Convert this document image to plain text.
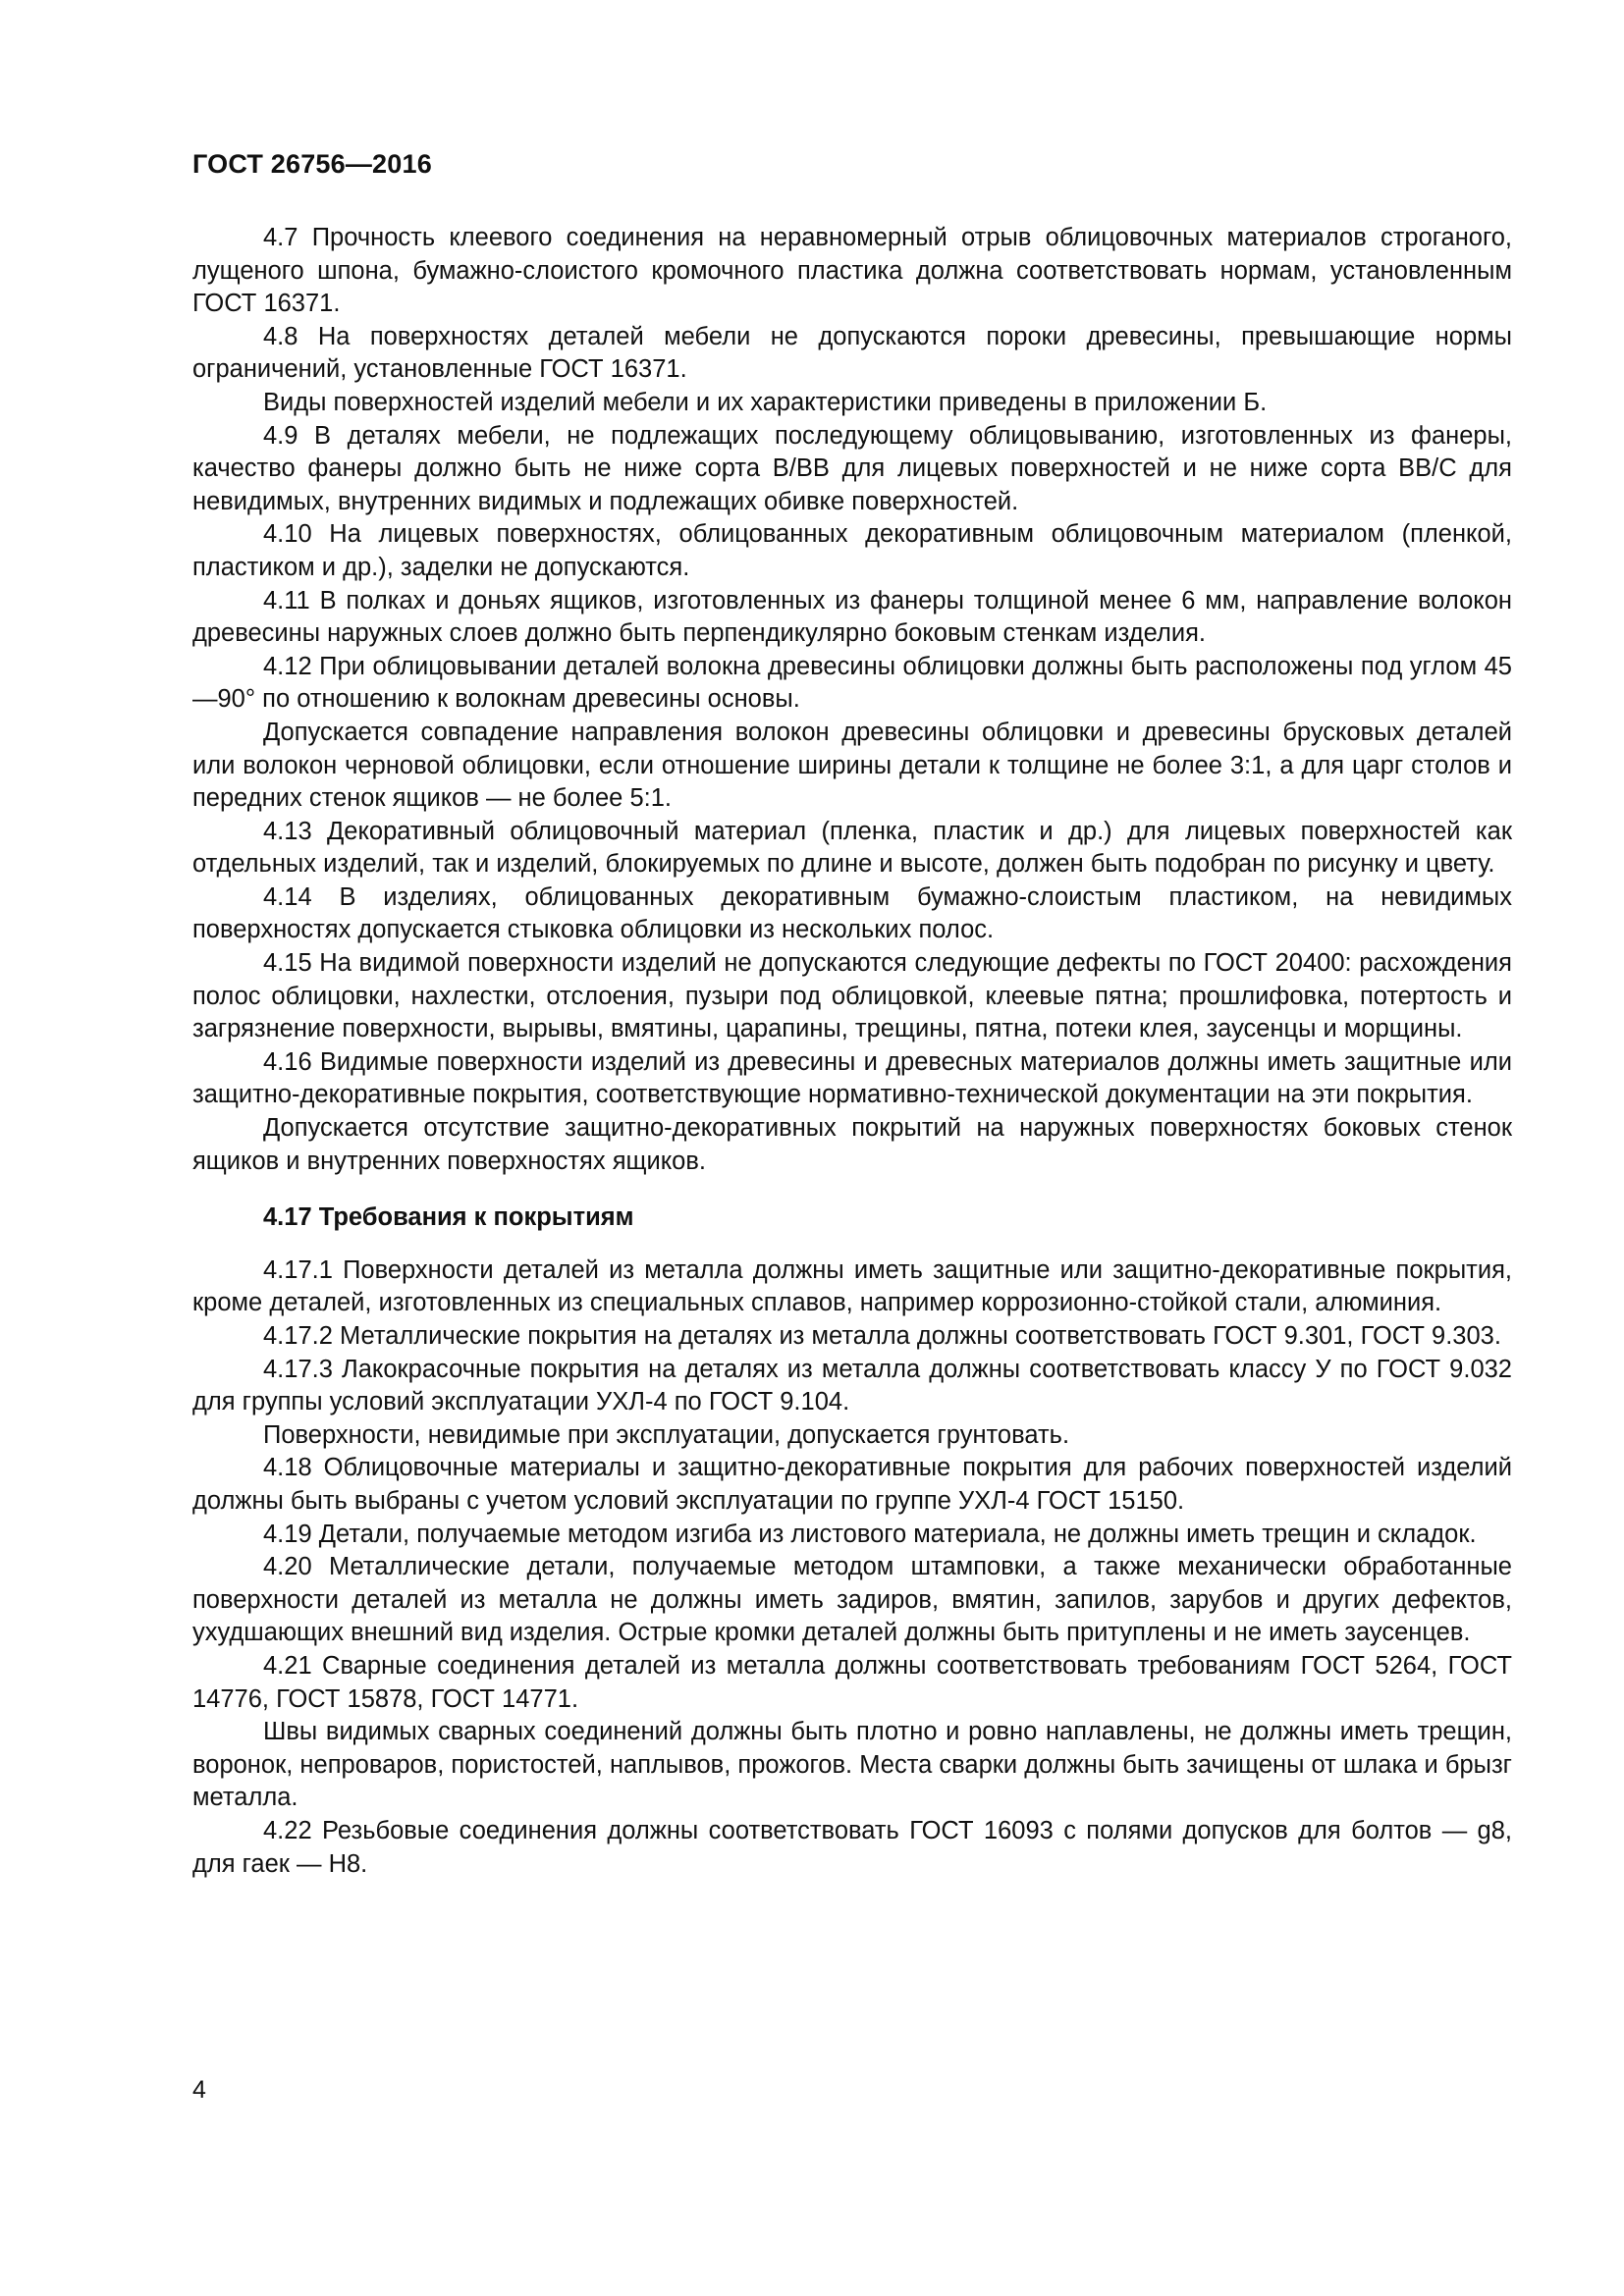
ГОСТ 26756—2016

4.7 Прочность клеевого соединения на неравномерный отрыв облицовочных материалов строганого, лущеного шпона, бумажно-слоистого кромочного пластика должна соответствовать нормам, установленным ГОСТ 16371.

4.8 На поверхностях деталей мебели не допускаются пороки древесины, превышающие нормы ограничений, установленные ГОСТ 16371.

Виды поверхностей изделий мебели и их характеристики приведены в приложении Б.

4.9 В деталях мебели, не подлежащих последующему облицовыванию, изготовленных из фанеры, качество фанеры должно быть не ниже сорта В/ВВ для лицевых поверхностей и не ниже сорта ВВ/С для невидимых, внутренних видимых и подлежащих обивке поверхностей.

4.10 На лицевых поверхностях, облицованных декоративным облицовочным материалом (пленкой, пластиком и др.), заделки не допускаются.

4.11 В полках и доньях ящиков, изготовленных из фанеры толщиной менее 6 мм, направление волокон древесины наружных слоев должно быть перпендикулярно боковым стенкам изделия.

4.12 При облицовывании деталей волокна древесины облицовки должны быть расположены под углом 45—90° по отношению к волокнам древесины основы.

Допускается совпадение направления волокон древесины облицовки и древесины брусковых деталей или волокон черновой облицовки, если отношение ширины детали к толщине не более 3:1, а для царг столов и передних стенок ящиков — не более 5:1.

4.13 Декоративный облицовочный материал (пленка, пластик и др.) для лицевых поверхностей как отдельных изделий, так и изделий, блокируемых по длине и высоте, должен быть подобран по рисунку и цвету.

4.14 В изделиях, облицованных декоративным бумажно-слоистым пластиком, на невидимых поверхностях допускается стыковка облицовки из нескольких полос.

4.15 На видимой поверхности изделий не допускаются следующие дефекты по ГОСТ 20400: расхождения полос облицовки, нахлестки, отслоения, пузыри под облицовкой, клеевые пятна; прошлифовка, потертость и загрязнение поверхности, вырывы, вмятины, царапины, трещины, пятна, потеки клея, заусенцы и морщины.

4.16 Видимые поверхности изделий из древесины и древесных материалов должны иметь защитные или защитно-декоративные покрытия, соответствующие нормативно-технической документации на эти покрытия.

Допускается отсутствие защитно-декоративных покрытий на наружных поверхностях боковых стенок ящиков и внутренних поверхностях ящиков.

4.17 Требования к покрытиям

4.17.1 Поверхности деталей из металла должны иметь защитные или защитно-декоративные покрытия, кроме деталей, изготовленных из специальных сплавов, например коррозионно-стойкой стали, алюминия.

4.17.2 Металлические покрытия на деталях из металла должны соответствовать ГОСТ 9.301, ГОСТ 9.303.

4.17.3 Лакокрасочные покрытия на деталях из металла должны соответствовать классу У по ГОСТ 9.032 для группы условий эксплуатации УХЛ-4 по ГОСТ 9.104.

Поверхности, невидимые при эксплуатации, допускается грунтовать.

4.18 Облицовочные материалы и защитно-декоративные покрытия для рабочих поверхностей изделий должны быть выбраны с учетом условий эксплуатации по группе УХЛ-4 ГОСТ 15150.

4.19 Детали, получаемые методом изгиба из листового материала, не должны иметь трещин и складок.

4.20 Металлические детали, получаемые методом штамповки, а также механически обработанные поверхности деталей из металла не должны иметь задиров, вмятин, запилов, зарубов и других дефектов, ухудшающих внешний вид изделия. Острые кромки деталей должны быть притуплены и не иметь заусенцев.

4.21 Сварные соединения деталей из металла должны соответствовать требованиям ГОСТ 5264, ГОСТ 14776, ГОСТ 15878, ГОСТ 14771.

Швы видимых сварных соединений должны быть плотно и ровно наплавлены, не должны иметь трещин, воронок, непроваров, пористостей, наплывов, прожогов. Места сварки должны быть зачищены от шлака и брызг металла.

4.22 Резьбовые соединения должны соответствовать ГОСТ 16093 с полями допусков для болтов — g8, для гаек — H8.

4
